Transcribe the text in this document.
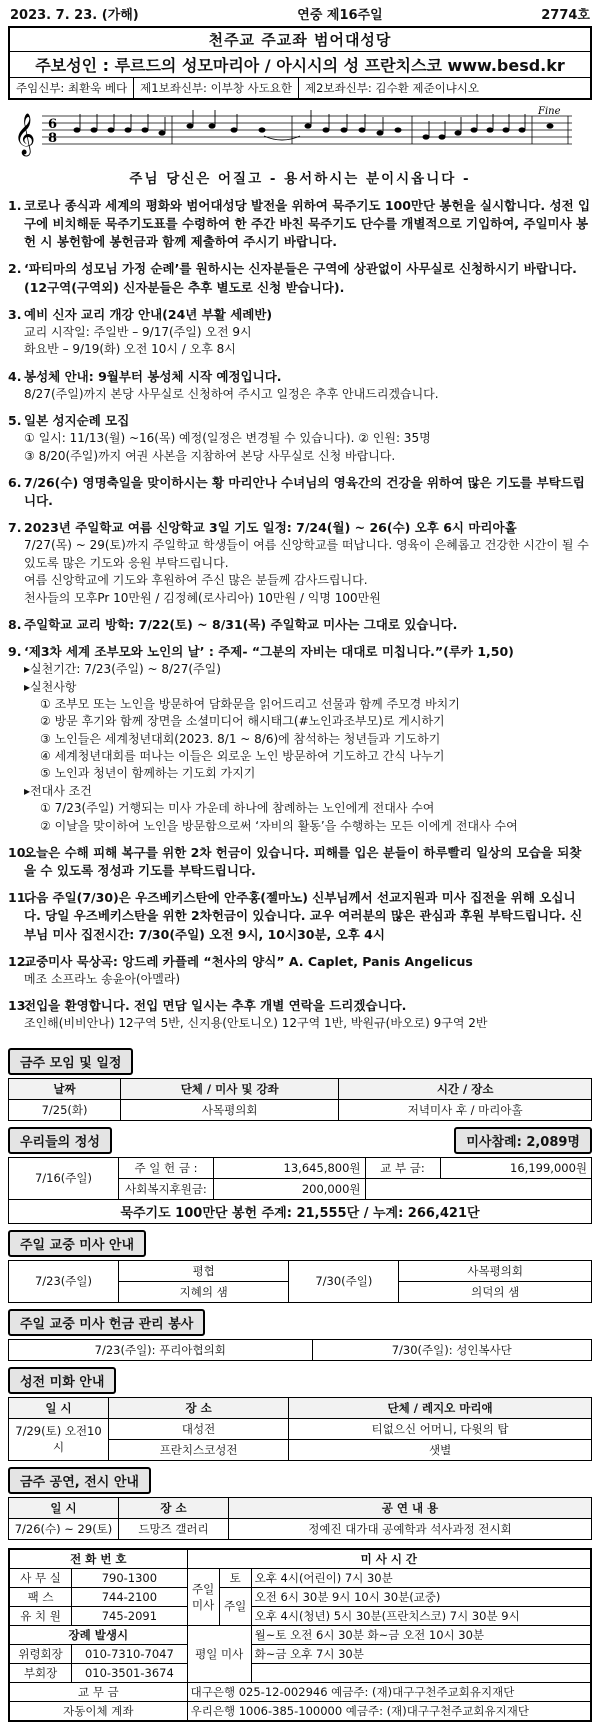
2023. 7. 23. (가해)	연중 제16주일	2774호
천주교 주교좌 범어대성당
주보성인 : 루르드의 성모마리아 / 아시시의 성 프란치스코 www.besd.kr
주임신부: 최환욱 베다	제1보좌신부: 이부창 사도요한	제2보좌신부: 김수환 제준이냐시오
𝄞 6
8
Fine
주님 당신은 어질고 - 용서하시는 분이시옵니다 -
1. 코로나 종식과 세계의 평화와 범어대성당 발전을 위하여 묵주기도 100만단 봉헌을 실시합니다. 성전 입구에 비치해둔 묵주기도표를 수령하여 한 주간 바친 묵주기도 단수를 개별적으로 기입하여, 주일미사 봉헌 시 봉헌함에 봉헌금과 함께 제출하여 주시기 바랍니다.
2. ‘파티마의 성모님 가정 순례’를 원하시는 신자분들은 구역에 상관없이 사무실로 신청하시기 바랍니다. (12구역(구역외) 신자분들은 추후 별도로 신청 받습니다).
3. 예비 신자 교리 개강 안내(24년 부활 세례반)
교리 시작일: 주일반 – 9/17(주일) 오전 9시
화요반 – 9/19(화) 오전 10시 / 오후 8시
4. 봉성체 안내: 9월부터 봉성체 시작 예정입니다.
8/27(주일)까지 본당 사무실로 신청하여 주시고 일정은 추후 안내드리겠습니다.
5. 일본 성지순례 모집
① 일시: 11/13(월) ~16(목) 예정(일정은 변경될 수 있습니다). ② 인원: 35명
③ 8/20(주일)까지 여권 사본을 지참하여 본당 사무실로 신청 바랍니다.
6. 7/26(수) 영명축일을 맞이하시는 황 마리안나 수녀님의 영육간의 건강을 위하여 많은 기도를 부탁드립니다.
7. 2023년 주일학교 여름 신앙학교 3일 기도 일정: 7/24(월) ~ 26(수) 오후 6시 마리아홀
7/27(목) ~ 29(토)까지 주일학교 학생들이 여름 신앙학교를 떠납니다. 영육이 은혜롭고 건강한 시간이 될 수 있도록 많은 기도와 응원 부탁드립니다.
여름 신앙학교에 기도와 후원하여 주신 많은 분들께 감사드립니다.
천사들의 모후Pr 10만원 / 김정혜(로사리아) 10만원 / 익명 100만원
8. 주일학교 교리 방학: 7/22(토) ~ 8/31(목) 주일학교 미사는 그대로 있습니다.
9. ‘제3차 세계 조부모와 노인의 날’ : 주제- “그분의 자비는 대대로 미칩니다.”(루카 1,50)
▸실천기간: 7/23(주일) ~ 8/27(주일)
▸실천사항
① 조부모 또는 노인을 방문하여 담화문을 읽어드리고 선물과 함께 주모경 바치기
② 방문 후기와 함께 장면을 소셜미디어 해시태그(#노인과조부모)로 게시하기
③ 노인들은 세계청년대회(2023. 8/1 ~ 8/6)에 참석하는 청년들과 기도하기
④ 세계청년대회를 떠나는 이들은 외로운 노인 방문하여 기도하고 간식 나누기
⑤ 노인과 청년이 함께하는 기도회 가지기
▸전대사 조건
① 7/23(주일) 거행되는 미사 가운데 하나에 참례하는 노인에게 전대사 수여
② 이날을 맞이하여 노인을 방문함으로써 ‘자비의 활동’을 수행하는 모든 이에게 전대사 수여
10.
오늘은 수해 피해 복구를 위한 2차 헌금이 있습니다. 피해를 입은 분들이 하루빨리 일상의 모습을 되찾을 수 있도록 정성과 기도를 부탁드립니다.
11.
다음 주일(7/30)은 우즈베키스탄에 안주홍(젤마노) 신부님께서 선교지원과 미사 집전을 위해 오십니다. 당일 우즈베키스탄을 위한 2차헌금이 있습니다. 교우 여러분의 많은 관심과 후원 부탁드립니다. 신부님 미사 집전시간: 7/30(주일) 오전 9시, 10시30분, 오후 4시
12.
교중미사 묵상곡: 앙드레 카플레 “천사의 양식” A. Caplet, Panis Angelicus
메조 소프라노 송윤아(아멜라)
13.
전입을 환영합니다. 전입 면담 일시는 추후 개별 연락을 드리겠습니다.
조인해(비비안나) 12구역 5반, 신지용(안토니오) 12구역 1반, 박원규(바오로) 9구역 2반
금주 모임 및 일정
날짜	단체 / 미사 및 강좌	시간 / 장소
7/25(화)	사목평의회	저녁미사 후 / 마리아홀
우리들의 정성	미사참례: 2,089명
7/16(주일)	주 일 헌 금 :	13,645,800원	교 부 금:	16,199,000원
	사회복지후원금:	200,000원		
묵주기도 100만단 봉헌 주계: 21,555단 / 누계: 266,421단				
주일 교중 미사 안내
7/23(주일)	평협	7/30(주일)	사목평의회
	지혜의 샘		의덕의 샘
주일 교중 미사 헌금 관리 봉사
7/23(주일): 푸리아협의회	7/30(주일): 성인복사단
성전 미화 안내
일 시	장 소	단체 / 레지오 마리애
7/29(토) 오전10시	대성전	티없으신 어머니, 다윗의 탑
	프란치스코성전	샛별
금주 공연, 전시 안내
일 시	장 소	공 연 내 용
7/26(수) ~ 29(토)	드망즈 갤러리	정예진 대가대 공예학과 석사과정 전시회
전 화 번 호		미 사 시 간		
사 무 실	790-1300	주일 미사	토	오후 4시(어린이) 7시 30분
팩 스	744-2100		주일	오전 6시 30분 9시 10시 30분(교중)
유 치 원	745-2091			오후 4시(청년) 5시 30분(프란치스코) 7시 30분 9시
장례 발생시		평일 미사		월~토 오전 6시 30분 화~금 오전 10시 30분
위령회장	010-7310-7047			화~금 오후 7시 30분
부회장	010-3501-3674			
교 무 금		대구은행 025-12-002946 예금주: (재)대구구천주교회유지재단		
자동이체 계좌		우리은행 1006-385-100000 예금주: (재)대구구천주교회유지재단		
